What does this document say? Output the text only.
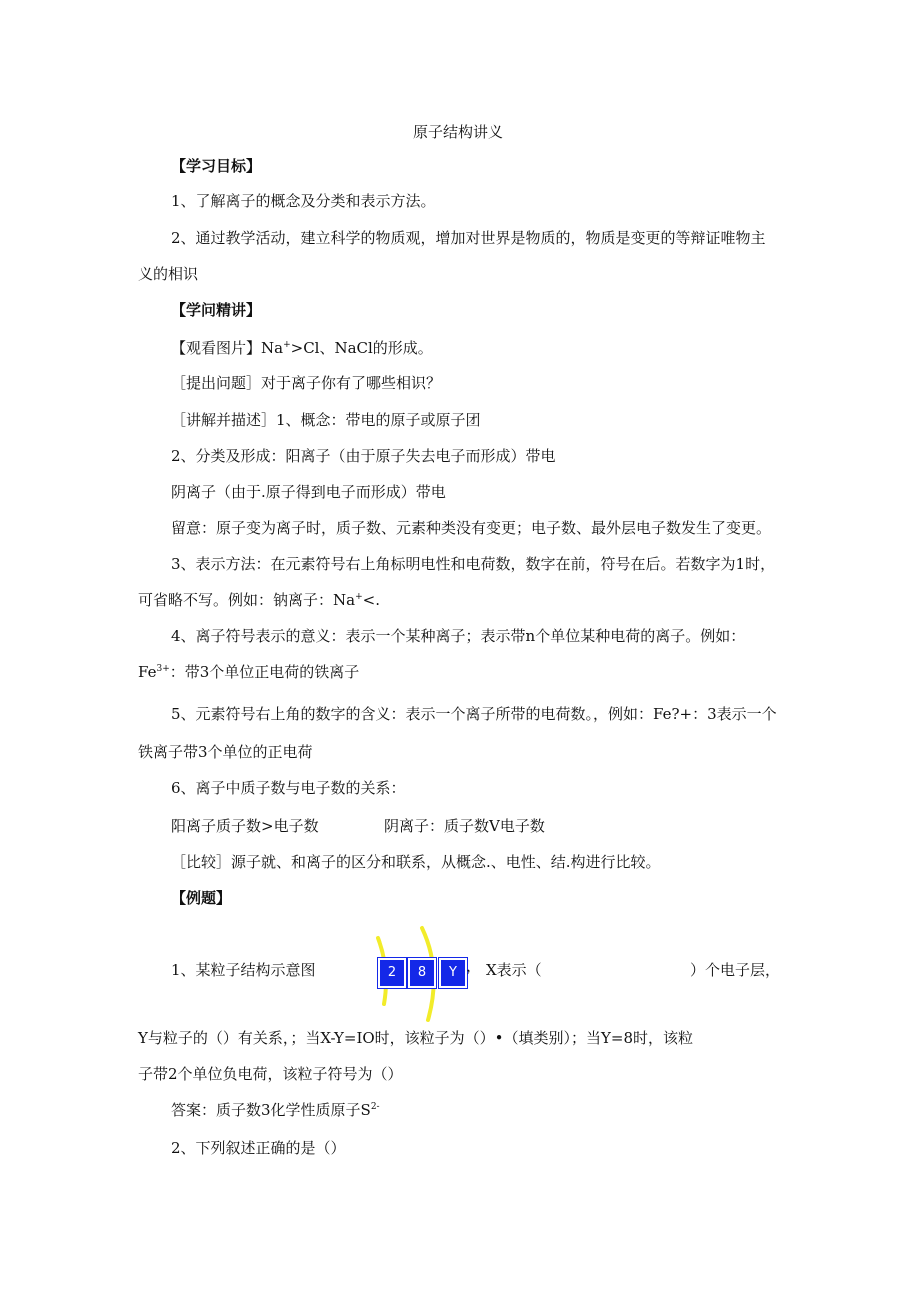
原子结构讲义
【学习目标】
1、了解离子的概念及分类和表示方法。
2、通过教学活动，建立科学的物质观，增加对世界是物质的，物质是变更的等辩证唯物主
义的相识
【学问精讲】
【观看图片】Na+>Cl、NaCl的形成。
［提出问题］对于离子你有了哪些相识？
［讲解并描述］1、概念：带电的原子或原子团
2、分类及形成：阳离子（由于原子失去电子而形成）带电
阴离子（由于.原子得到电子而形成）带电
留意：原子变为离子时，质子数、元素种类没有变更；电子数、最外层电子数发生了变更。
3、表示方法：在元素符号右上角标明电性和电荷数，数字在前，符号在后。若数字为1时，
可省略不写。例如：钠离子：Na+<.
4、离子符号表示的意义：表示一个某种离子；表示带n个单位某种电荷的离子。例如：
$Fe^{3+}$：带3个单位正电荷的铁离子
5、元素符号右上角的数字的含义：表示一个离子所带的电荷数。，例如：Fe?+：3表示一个
铁离子带3个单位的正电荷
6、离子中质子数与电子数的关系：
阳离子质子数>电子数	阴离子：质子数V电子数
［比较］源子就、和离子的区分和联系，从概念.、电性、结.构进行比较。
【例题】
1、某粒子结构示意图	2	8	Y ， X表示（	）个电子层，
Y与粒子的（）有关系，；当X-Y=IO时，该粒子为（）•（填类别）；当Y=8时，该粒
子带2个单位负电荷，该粒子符号为（）
答案：质子数3化学性质原子$S^{2-}$
2、下列叙述正确的是（）
